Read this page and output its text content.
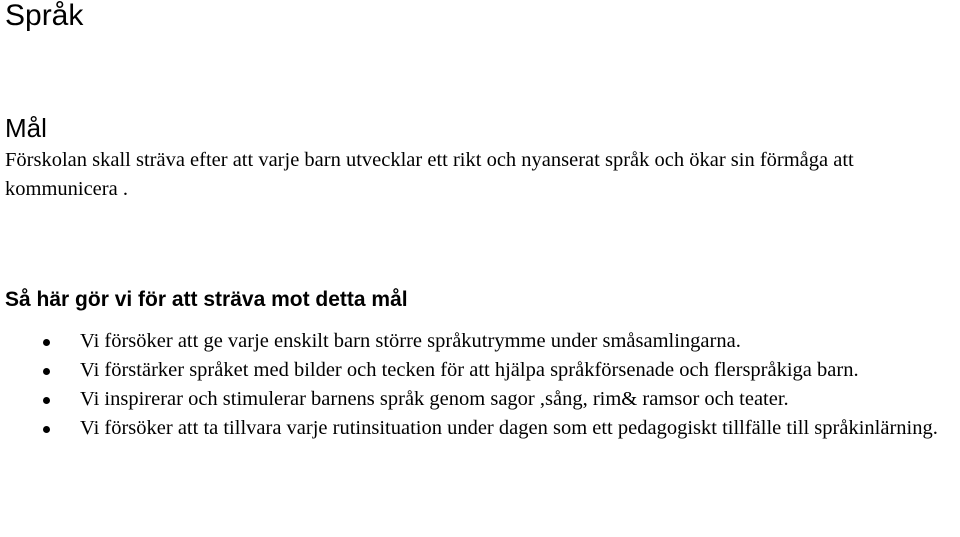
Språk
Mål

Förskolan skall sträva efter att varje barn utvecklar ett rikt och nyanserat språk och ökar sin förmåga att kommunicera .

Så här gör vi för att sträva mot detta mål
Vi försöker att ge varje enskilt barn större språkutrymme under småsamlingarna.
Vi förstärker språket med bilder och tecken för att hjälpa språkförsenade och flerspråkiga barn.
Vi inspirerar och stimulerar barnens språk genom sagor ,sång, rim& ramsor och teater.
Vi försöker att ta tillvara varje rutinsituation under dagen som ett pedagogiskt tillfälle till språkinlärning.
